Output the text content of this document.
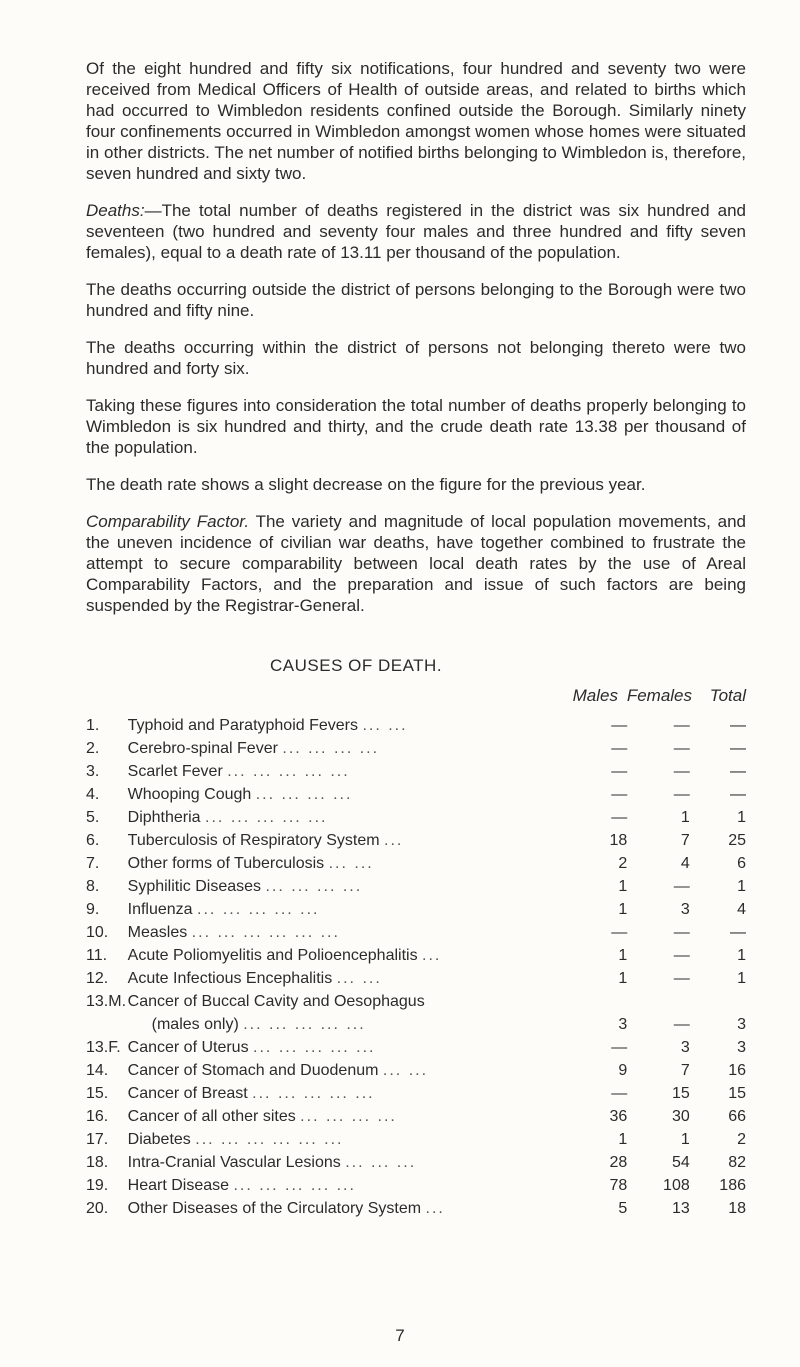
Of the eight hundred and fifty six notifications, four hundred and seventy two were received from Medical Officers of Health of outside areas, and related to births which had occurred to Wimbledon residents confined outside the Borough. Similarly ninety four confinements occurred in Wimbledon amongst women whose homes were situated in other districts. The net number of notified births belonging to Wimbledon is, therefore, seven hundred and sixty two.

Deaths:—The total number of deaths registered in the district was six hundred and seventeen (two hundred and seventy four males and three hundred and fifty seven females), equal to a death rate of 13.11 per thousand of the population.

The deaths occurring outside the district of persons belonging to the Borough were two hundred and fifty nine.

The deaths occurring within the district of persons not belonging thereto were two hundred and forty six.

Taking these figures into consideration the total number of deaths properly belonging to Wimbledon is six hundred and thirty, and the crude death rate 13.38 per thousand of the population.

The death rate shows a slight decrease on the figure for the previous year.

Comparability Factor. The variety and magnitude of local population movements, and the uneven incidence of civilian war deaths, have together combined to frustrate the attempt to secure comparability between local death rates by the use of Areal Comparability Factors, and the preparation and issue of such factors are being suspended by the Registrar-General.

CAUSES OF DEATH.
Males Females	Total
1.	Typhoid and Paratyphoid Fevers ... ...	—	—	—
2.	Cerebro-spinal Fever ... ... ... ...	—	—	—
3.	Scarlet Fever ... ... ... ... ...	—	—	—
4.	Whooping Cough ... ... ... ...	—	—	—
5.	Diphtheria ... ... ... ... ...	—	1	1
6.	Tuberculosis of Respiratory System ...	18	7	25
7.	Other forms of Tuberculosis ... ...	2	4	6
8.	Syphilitic Diseases ... ... ... ...	1	—	1
9.	Influenza ... ... ... ... ...	1	3	4
10.	Measles ... ... ... ... ... ...	—	—	—
11.	Acute Poliomyelitis and Polioencephalitis ...	1	—	1
12.	Acute Infectious Encephalitis ... ...	1	—	1
13.M.	Cancer of Buccal Cavity and Oesophagus			
	(males only) ... ... ... ... ...	3	—	3
13.F.	Cancer of Uterus ... ... ... ... ...	—	3	3
14.	Cancer of Stomach and Duodenum ... ...	9	7	16
15.	Cancer of Breast ... ... ... ... ...	—	15	15
16.	Cancer of all other sites ... ... ... ...	36	30	66
17.	Diabetes ... ... ... ... ... ...	1	1	2
18.	Intra-Cranial Vascular Lesions ... ... ...	28	54	82
19.	Heart Disease ... ... ... ... ...	78	108	186
20.	Other Diseases of the Circulatory System ...	5	13	18
7
